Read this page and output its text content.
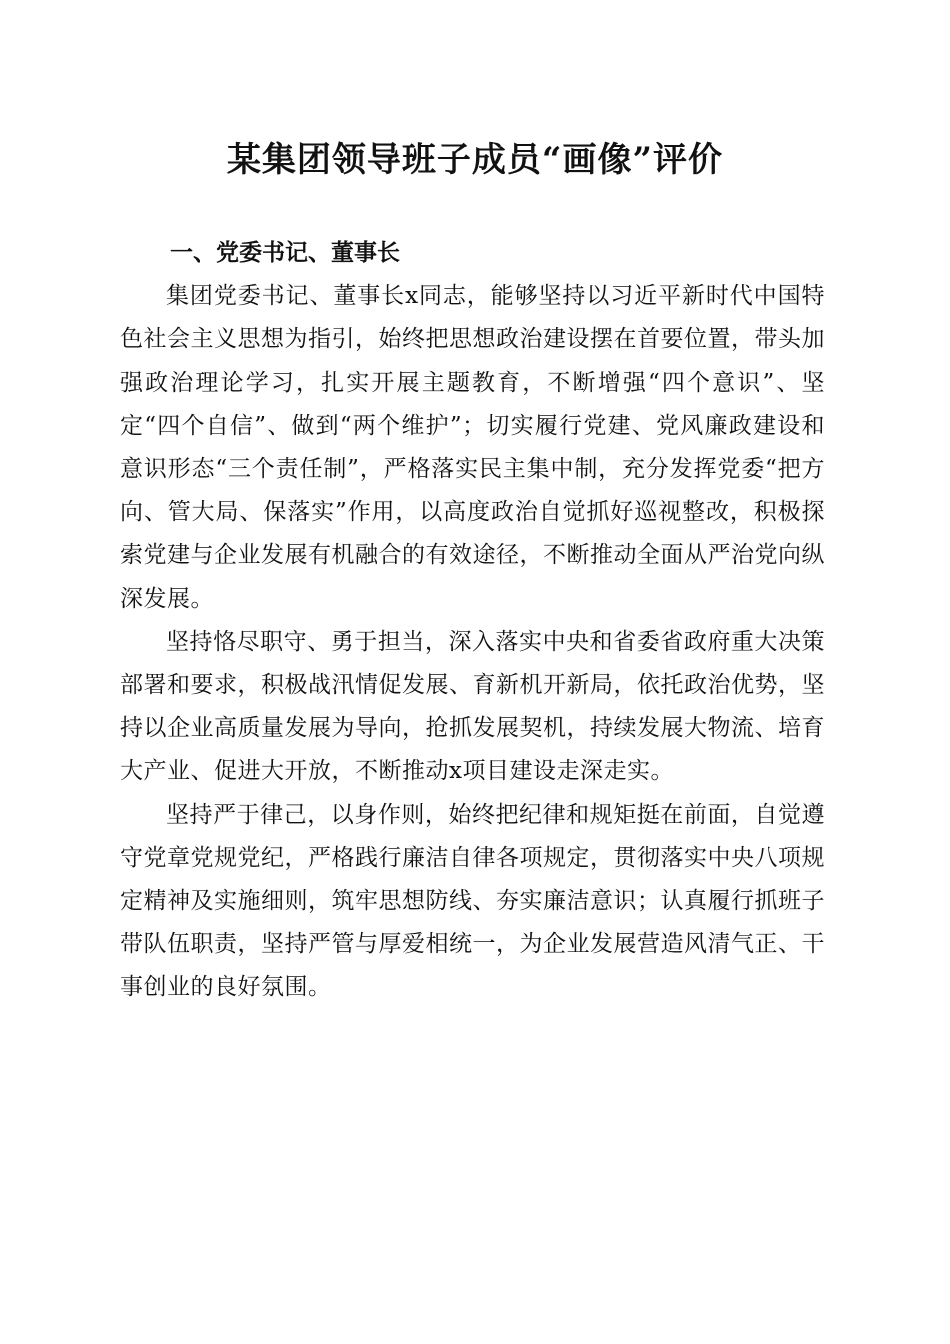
某集团领导班子成员“画像”评价
一、党委书记、董事长

集团党委书记、董事长x同志，能够坚持以习近平新时代中国特色社会主义思想为指引，始终把思想政治建设摆在首要位置，带头加强政治理论学习，扎实开展主题教育，不断增强“四个意识”、坚定“四个自信”、做到“两个维护”；切实履行党建、党风廉政建设和意识形态“三个责任制”，严格落实民主集中制，充分发挥党委“把方向、管大局、保落实”作用，以高度政治自觉抓好巡视整改，积极探索党建与企业发展有机融合的有效途径，不断推动全面从严治党向纵深发展。

坚持恪尽职守、勇于担当，深入落实中央和省委省政府重大决策部署和要求，积极战汛情促发展、育新机开新局，依托政治优势，坚持以企业高质量发展为导向，抢抓发展契机，持续发展大物流、培育大产业、促进大开放，不断推动x项目建设走深走实。

坚持严于律己，以身作则，始终把纪律和规矩挺在前面，自觉遵守党章党规党纪，严格践行廉洁自律各项规定，贯彻落实中央八项规定精神及实施细则，筑牢思想防线、夯实廉洁意识；认真履行抓班子带队伍职责，坚持严管与厚爱相统一，为企业发展营造风清气正、干事创业的良好氛围。
